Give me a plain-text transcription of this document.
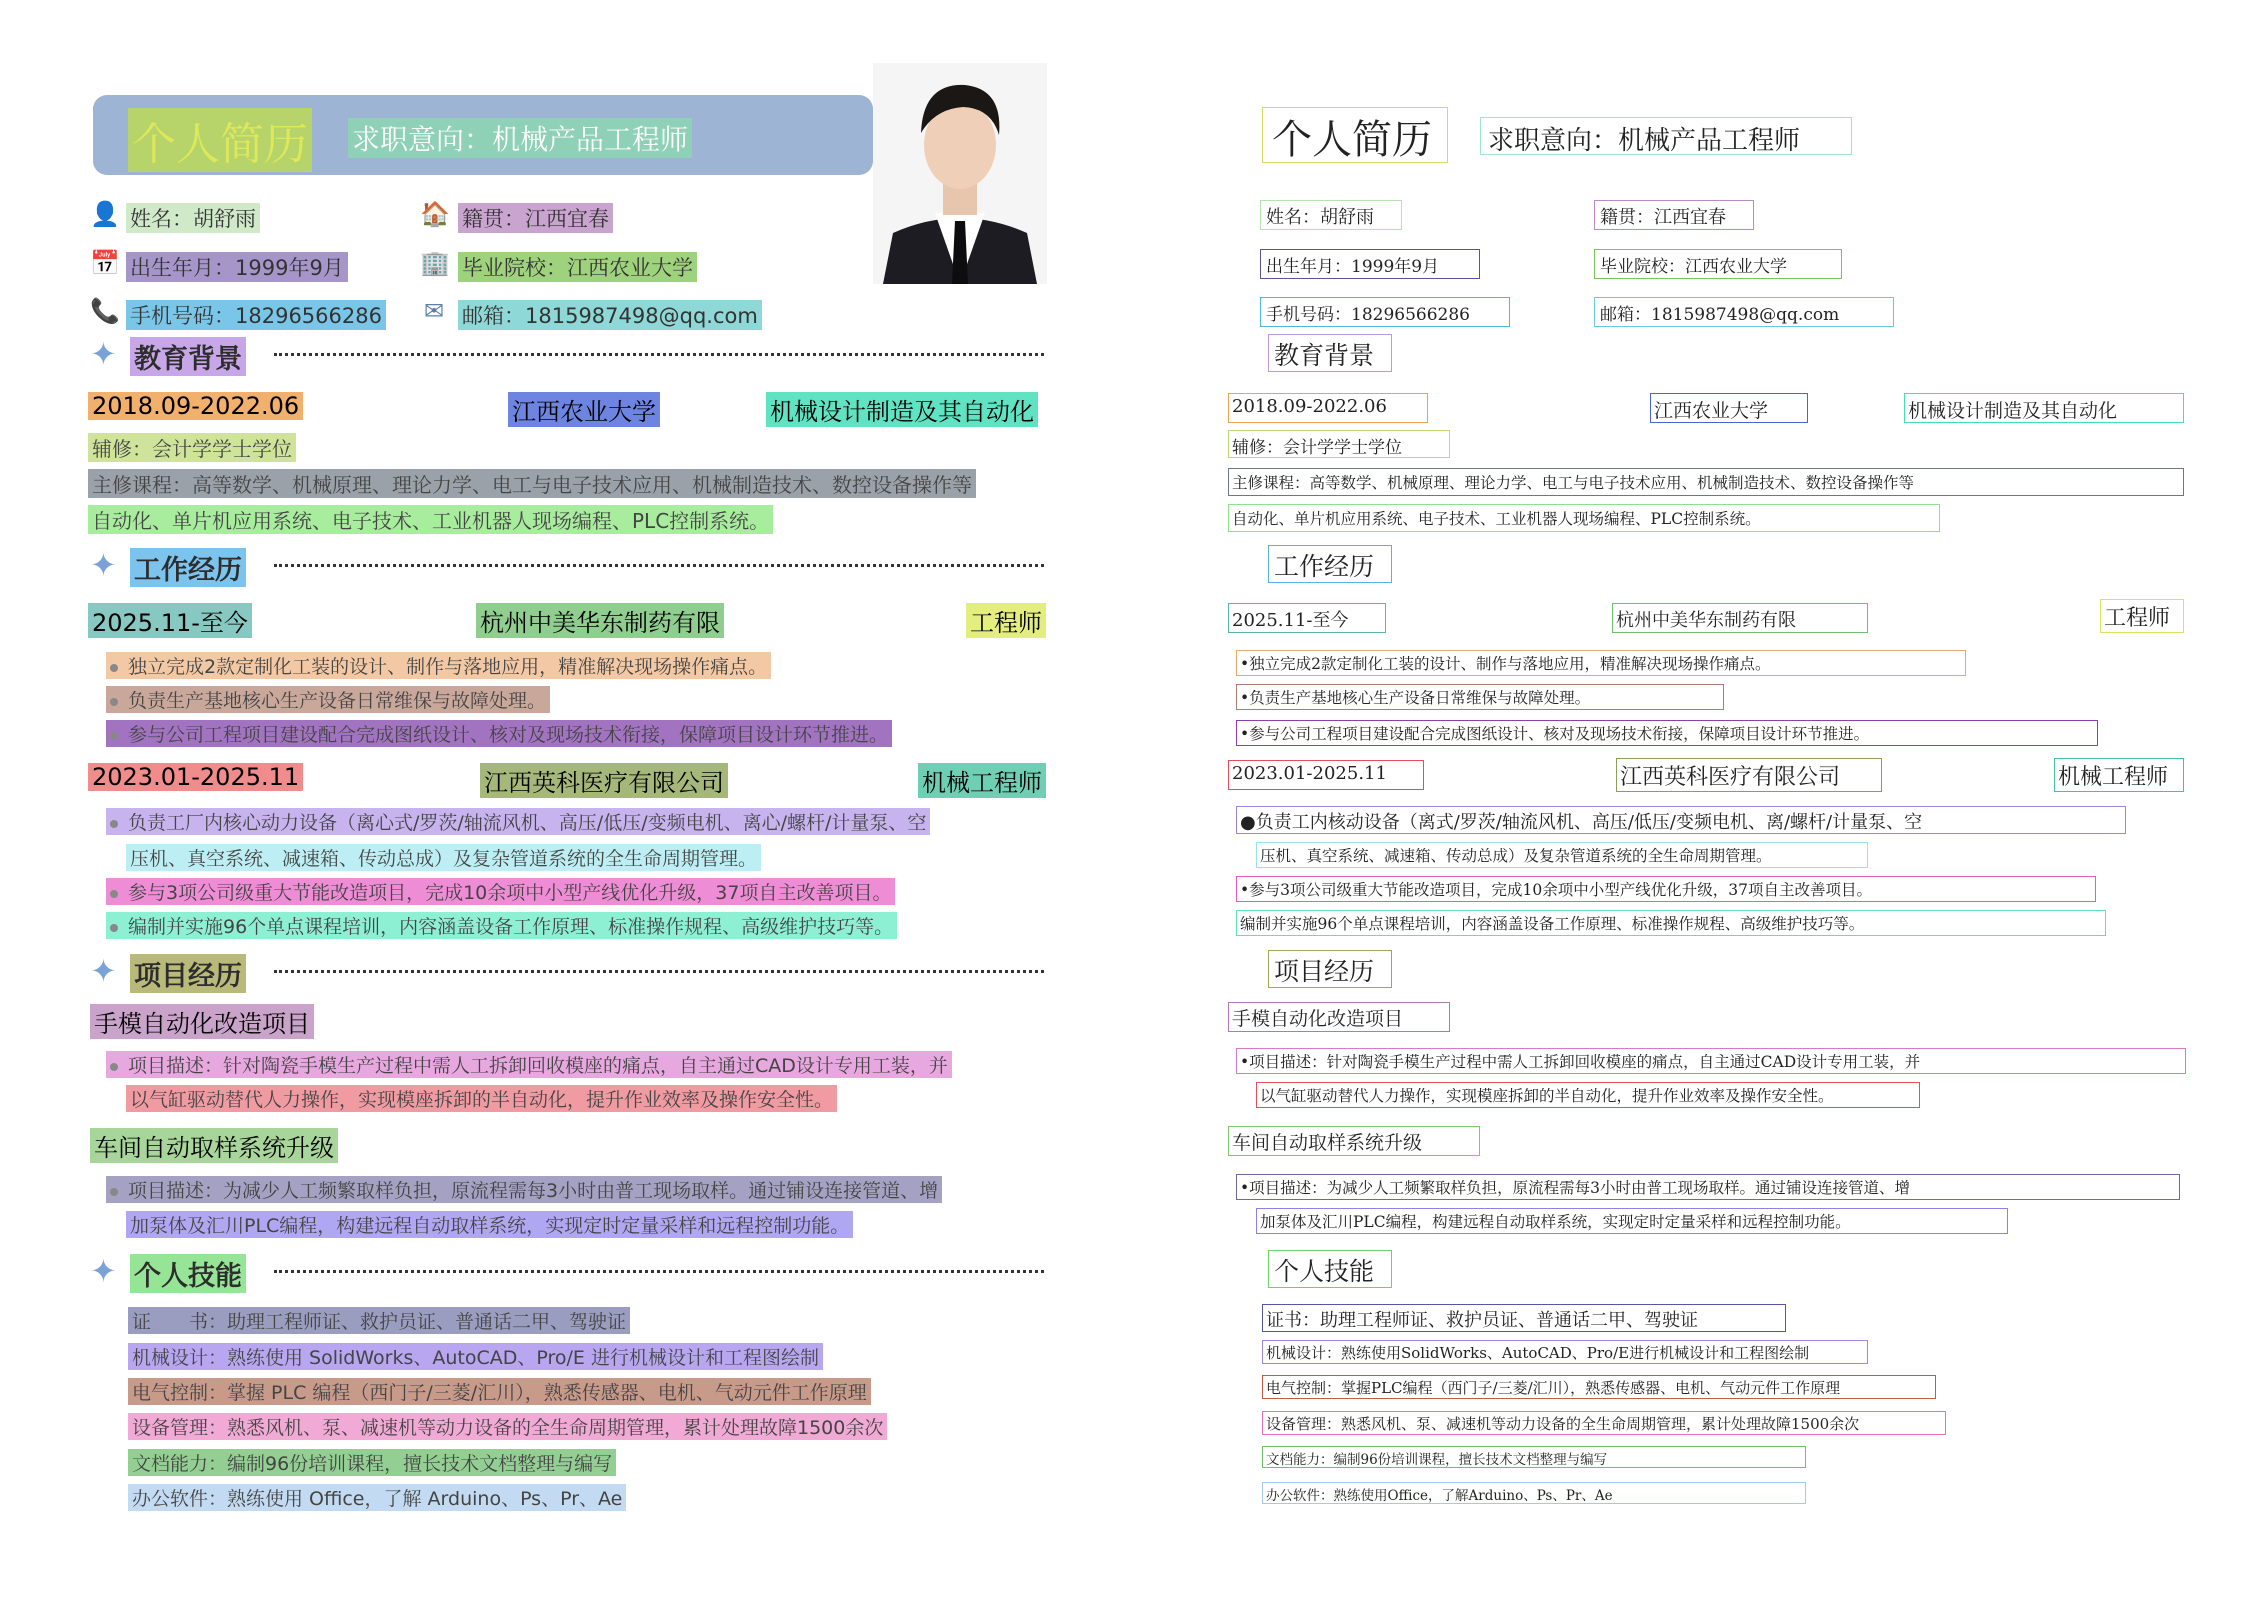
个人简历 求职意向：机械产品工程师
👤 姓名：胡舒雨	🏠 籍贯：江西宜春
📅 出生年月：1999年9月	🏢 毕业院校：江西农业大学
📞 手机号码：18296566286 ✉ 邮箱：1815987498@qq.com
✦ 教育背景
2018.09-2022.06	江西农业大学	机械设计制造及其自动化
辅修：会计学学士学位
主修课程：高等数学、机械原理、理论力学、电工与电子技术应用、机械制造技术、数控设备操作等
自动化、单片机应用系统、电子技术、工业机器人现场编程、PLC控制系统。
✦ 工作经历
2025.11-至今	杭州中美华东制药有限	工程师
独立完成2款定制化工装的设计、制作与落地应用，精准解决现场操作痛点。
负责生产基地核心生产设备日常维保与故障处理。
参与公司工程项目建设配合完成图纸设计、核对及现场技术衔接，保障项目设计环节推进。
2023.01-2025.11	江西英科医疗有限公司	机械工程师
负责工厂内核心动力设备（离心式/罗茨/轴流风机、高压/低压/变频电机、离心/螺杆/计量泵、空
压机、真空系统、减速箱、传动总成）及复杂管道系统的全生命周期管理。
参与3项公司级重大节能改造项目，完成10余项中小型产线优化升级，37项自主改善项目。
编制并实施96个单点课程培训，内容涵盖设备工作原理、标准操作规程、高级维护技巧等。
✦ 项目经历
手模自动化改造项目
项目描述：针对陶瓷手模生产过程中需人工拆卸回收模座的痛点，自主通过CAD设计专用工装，并
以气缸驱动替代人力操作，实现模座拆卸的半自动化，提升作业效率及操作安全性。
车间自动取样系统升级
项目描述：为减少人工频繁取样负担，原流程需每3小时由普工现场取样。通过铺设连接管道、增
加泵体及汇川PLC编程，构建远程自动取样系统，实现定时定量采样和远程控制功能。
✦ 个人技能
证　　书：助理工程师证、救护员证、普通话二甲、驾驶证
机械设计：熟练使用 SolidWorks、AutoCAD、Pro/E 进行机械设计和工程图绘制
电气控制：掌握 PLC 编程（西门子/三菱/汇川），熟悉传感器、电机、气动元件工作原理
设备管理：熟悉风机、泵、减速机等动力设备的全生命周期管理，累计处理故障1500余次
文档能力：编制96份培训课程，擅长技术文档整理与编写
办公软件：熟练使用 Office，了解 Arduino、Ps、Pr、Ae
个人简历 求职意向：机械产品工程师
姓名：胡舒雨	籍贯：江西宜春
出生年月：1999年9月	毕业院校：江西农业大学
手机号码：18296566286	邮箱：1815987498@qq.com
教育背景
2018.09-2022.06	江西农业大学	机械设计制造及其自动化
辅修：会计学学士学位
主修课程：高等数学、机械原理、理论力学、电工与电子技术应用、机械制造技术、数控设备操作等
自动化、单片机应用系统、电子技术、工业机器人现场编程、PLC控制系统。
工作经历
2025.11-至今	杭州中美华东制药有限	工程师
•独立完成2款定制化工装的设计、制作与落地应用，精准解决现场操作痛点。
•负责生产基地核心生产设备日常维保与故障处理。
•参与公司工程项目建设配合完成图纸设计、核对及现场技术衔接，保障项目设计环节推进。
2023.01-2025.11	江西英科医疗有限公司	机械工程师
●负责工内核动设备（离式/罗茨/轴流风机、高压/低压/变频电机、离/螺杆/计量泵、空
压机、真空系统、减速箱、传动总成）及复杂管道系统的全生命周期管理。
•参与3项公司级重大节能改造项目，完成10余项中小型产线优化升级，37项自主改善项目。
编制并实施96个单点课程培训，内容涵盖设备工作原理、标准操作规程、高级维护技巧等。
项目经历
手模自动化改造项目
•项目描述：针对陶瓷手模生产过程中需人工拆卸回收模座的痛点，自主通过CAD设计专用工装，并
以气缸驱动替代人力操作，实现模座拆卸的半自动化，提升作业效率及操作安全性。
车间自动取样系统升级
•项目描述：为减少人工频繁取样负担，原流程需每3小时由普工现场取样。通过铺设连接管道、增
加泵体及汇川PLC编程，构建远程自动取样系统，实现定时定量采样和远程控制功能。
个人技能
证书：助理工程师证、救护员证、普通话二甲、驾驶证
机械设计：熟练使用SolidWorks、AutoCAD、Pro/E进行机械设计和工程图绘制
电气控制：掌握PLC编程（西门子/三菱/汇川），熟悉传感器、电机、气动元件工作原理
设备管理：熟悉风机、泵、减速机等动力设备的全生命周期管理，累计处理故障1500余次
文档能力：编制96份培训课程，擅长技术文档整理与编写
办公软件：熟练使用Office，了解Arduino、Ps、Pr、Ae
